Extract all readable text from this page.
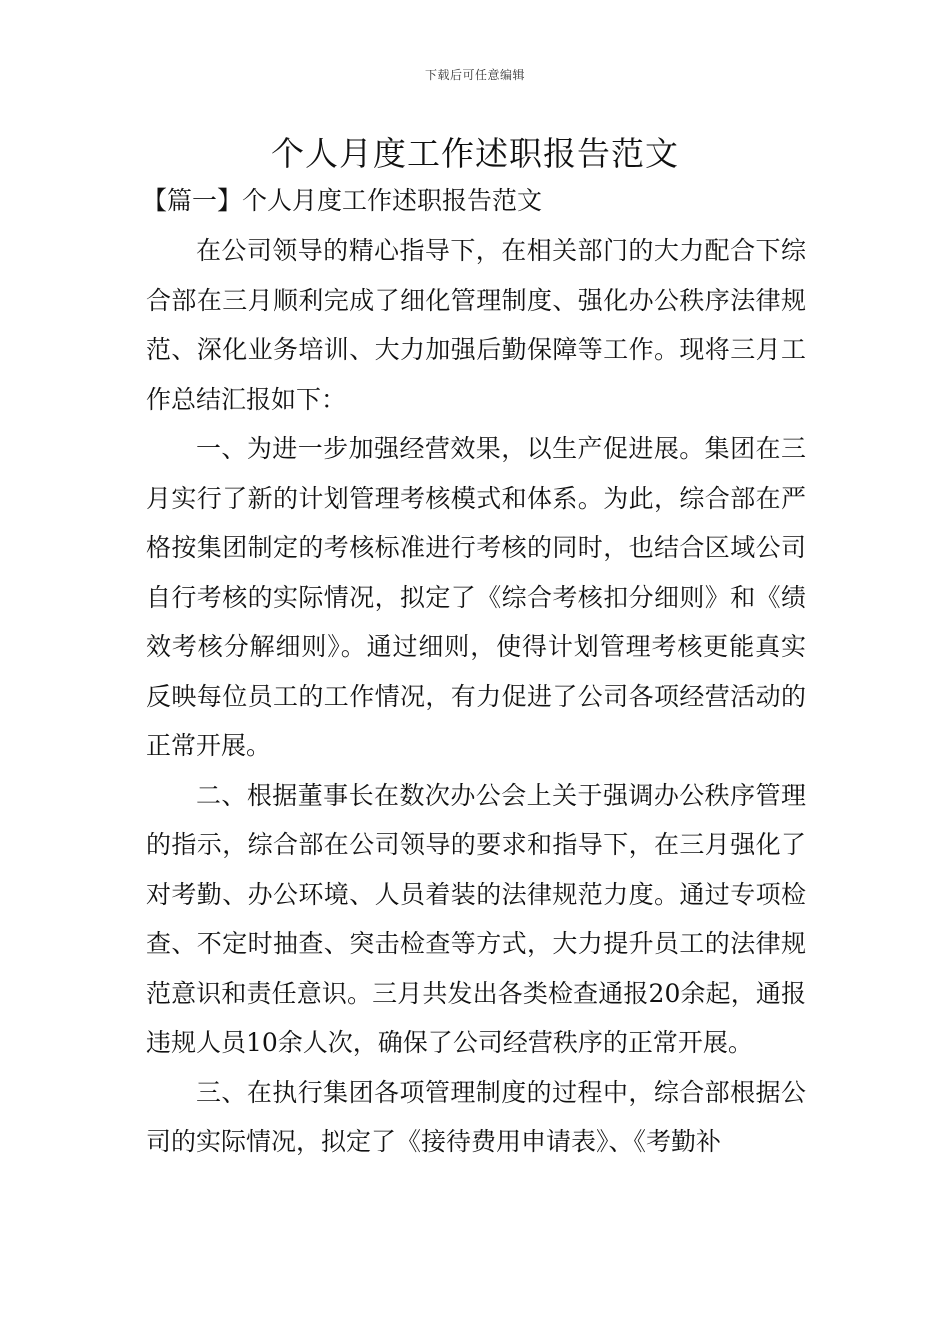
下载后可任意编辑
个人月度工作述职报告范文
【篇一】个人月度工作述职报告范文

在公司领导的精心指导下，在相关部门的大力配合下综合部在三月顺利完成了细化管理制度、强化办公秩序法律规范、深化业务培训、大力加强后勤保障等工作。现将三月工作总结汇报如下：

一、为进一步加强经营效果，以生产促进展。集团在三月实行了新的计划管理考核模式和体系。为此，综合部在严格按集团制定的考核标准进行考核的同时，也结合区域公司自行考核的实际情况，拟定了《综合考核扣分细则》和《绩效考核分解细则》。通过细则，使得计划管理考核更能真实反映每位员工的工作情况，有力促进了公司各项经营活动的正常开展。

二、根据董事长在数次办公会上关于强调办公秩序管理的指示，综合部在公司领导的要求和指导下，在三月强化了对考勤、办公环境、人员着装的法律规范力度。通过专项检查、不定时抽查、突击检查等方式，大力提升员工的法律规范意识和责任意识。三月共发出各类检查通报20余起，通报违规人员10余人次，确保了公司经营秩序的正常开展。

三、在执行集团各项管理制度的过程中，综合部根据公司的实际情况，拟定了《接待费用申请表》、《考勤补
